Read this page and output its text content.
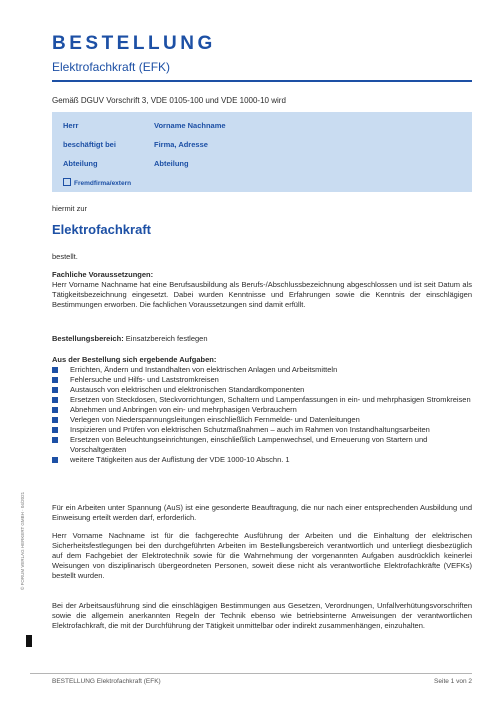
BESTELLUNG
Elektrofachkraft (EFK)
Gemäß DGUV Vorschrift 3, VDE 0105-100 und VDE 1000-10 wird
Herr	Vorname Nachname
beschäftigt bei	Firma, Adresse
Abteilung	Abteilung
Fremdfirma/extern
hiermit zur
Elektrofachkraft
bestellt.
Fachliche Voraussetzungen:
Herr Vorname Nachname hat eine Berufsausbildung als Berufs-/Abschlussbezeichnung abgeschlossen und ist seit Datum als Tätigkeitsbezeichnung eingesetzt. Dabei wurden Kenntnisse und Erfahrungen sowie die Kenntnis der einschlägigen Bestimmungen erworben. Die fachlichen Voraussetzungen sind damit erfüllt.
Bestellungsbereich: Einsatzbereich festlegen
Aus der Bestellung sich ergebende Aufgaben:
Errichten, Ändern und Instandhalten von elektrischen Anlagen und Arbeitsmitteln
Fehlersuche und Hilfs- und Laststromkreisen
Austausch von elektrischen und elektronischen Standardkomponenten
Ersetzen von Steckdosen, Steckvorrichtungen, Schaltern und Lampenfassungen in ein- und mehrphasigen Stromkreisen
Abnehmen und Anbringen von ein- und mehrphasigen Verbrauchern
Verlegen von Niederspannungsleitungen einschließlich Fernmelde- und Datenleitungen
Inspizieren und Prüfen von elektrischen Schutzmaßnahmen – auch im Rahmen von Instandhaltungsarbeiten
Ersetzen von Beleuchtungseinrichtungen, einschließlich Lampenwechsel, und Erneuerung von Startern und Vorschaltgeräten
weitere Tätigkeiten aus der Auflistung der VDE 1000-10 Abschn. 1
Für ein Arbeiten unter Spannung (AuS) ist eine gesonderte Beauftragung, die nur nach einer entsprechenden Ausbildung und Einweisung erteilt werden darf, erforderlich.
Herr Vorname Nachname ist für die fachgerechte Ausführung der Arbeiten und die Einhaltung der elektrischen Sicherheitsfestlegungen bei den durchgeführten Arbeiten im Bestellungsbereich verantwortlich und unterliegt diesbezüglich auf dem Fachgebiet der Elektrotechnik sowie für die Wahrnehmung der vorgenannten Aufgaben ausdrücklich keinerlei Weisungen von disziplinarisch übergeordneten Personen, soweit diese nicht als verantwortliche Elektrofachkräfte (VEFKs) bestellt wurden.
Bei der Arbeitsausführung sind die einschlägigen Bestimmungen aus Gesetzen, Verordnungen, Unfallverhütungsvorschriften sowie die allgemein anerkannten Regeln der Technik ebenso wie betriebsinterne Anweisungen der verantwortlichen Elektrofachkraft, die mit der Durchführung der Tätigkeit unmittelbar oder indirekt zusammenhängen, einzuhalten.
© FORUM VERLAG HERKERT GMBH · 04/2021
BESTELLUNG Elektrofachkraft (EFK)	Seite 1 von 2
